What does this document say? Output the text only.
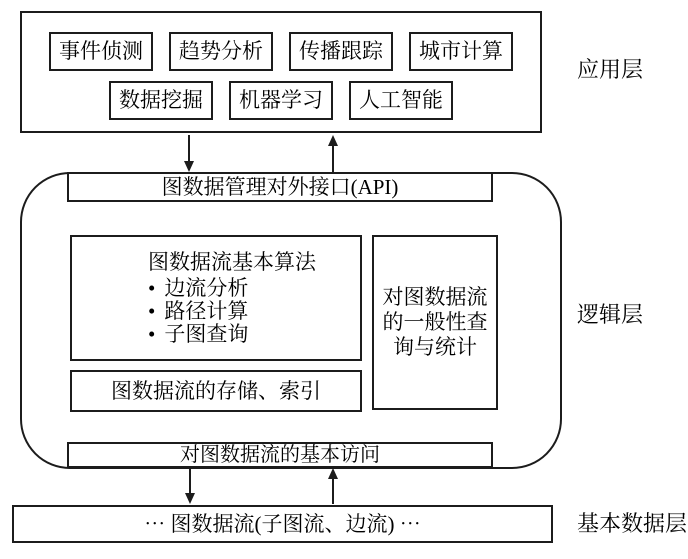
事件侦测	趋势分析	传播跟踪	城市计算
数据挖掘	机器学习	人工智能
应用层
图数据管理对外接口(API)
图数据流基本算法
• 边流分析
• 路径计算
• 子图查询
图数据流的存储、索引
对图数据流的一般性查询与统计
对图数据流的基本访问
逻辑层
⋯ 图数据流(子图流、边流) ⋯	基本数据层
